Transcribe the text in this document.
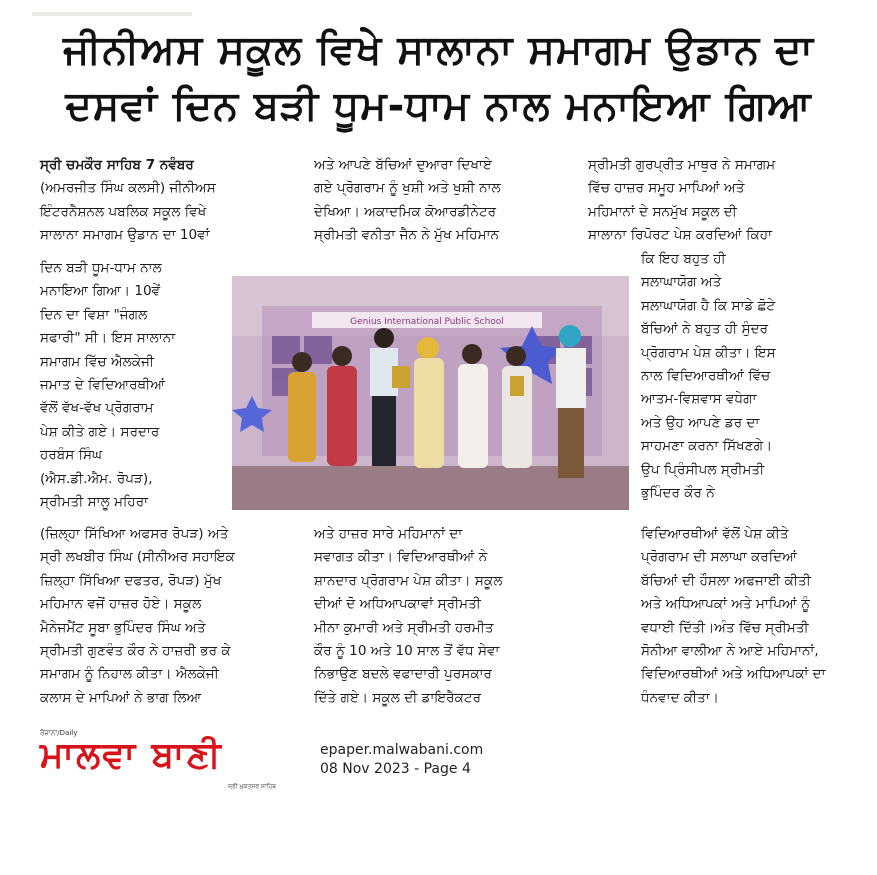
ਜੀਨੀਅਸ ਸਕੂਲ ਵਿਖੇ ਸਾਲਾਨਾ ਸਮਾਗਮ ਉਡਾਨ ਦਾ
ਦਸਵਾਂ ਦਿਨ ਬੜੀ ਧੂਮ-ਧਾਮ ਨਾਲ ਮਨਾਇਆ ਗਿਆ

ਸ੍ਰੀ ਚਮਕੌਰ ਸਾਹਿਬ 7 ਨਵੰਬਰ

(ਅਮਰਜੀਤ ਸਿੰਘ ਕਲਸੀ) ਜੀਨੀਅਸ

ਇੰਟਰਨੈਸ਼ਨਲ ਪਬਲਿਕ ਸਕੂਲ ਵਿਖੇ

ਸਾਲਾਨਾ ਸਮਾਗਮ ਉਡਾਨ ਦਾ 10ਵਾਂ

ਦਿਨ ਬੜੀ ਧੂਮ-ਧਾਮ ਨਾਲ

ਮਨਾਇਆ ਗਿਆ। 10ਵੇਂ

ਦਿਨ ਦਾ ਵਿਸ਼ਾ "ਜੰਗਲ

ਸਫਾਰੀ" ਸੀ। ਇਸ ਸਾਲਾਨਾ

ਸਮਾਗਮ ਵਿੱਚ ਐਲਕੇਜੀ

ਜਮਾਤ ਦੇ ਵਿਦਿਆਰਥੀਆਂ

ਵੱਲੋਂ ਵੱਖ-ਵੱਖ ਪ੍ਰੋਗਰਾਮ

ਪੇਸ਼ ਕੀਤੇ ਗਏ। ਸਰਦਾਰ

ਹਰਬੰਸ ਸਿੰਘ

(ਐਸ.ਡੀ.ਐਮ. ਰੋਪੜ),

ਸ੍ਰੀਮਤੀ ਸਾਲੂ ਮਹਿਰਾ

(ਜ਼ਿਲ੍ਹਾ ਸਿੱਖਿਆ ਅਫਸਰ ਰੋਪੜ) ਅਤੇ

ਸ੍ਰੀ ਲਖਬੀਰ ਸਿੰਘ (ਸੀਨੀਅਰ ਸਹਾਇਕ

ਜ਼ਿਲ੍ਹਾ ਸਿੱਖਿਆ ਦਫਤਰ, ਰੋਪੜ) ਮੁੱਖ

ਮਹਿਮਾਨ ਵਜੋਂ ਹਾਜ਼ਰ ਹੋਏ। ਸਕੂਲ

ਮੈਨੇਜਮੈਂਟ ਸੂਬਾ ਭੁਪਿੰਦਰ ਸਿੰਘ ਅਤੇ

ਸ੍ਰੀਮਤੀ ਗੁਣਵੰਤ ਕੌਰ ਨੇ ਹਾਜ਼ਰੀ ਭਰ ਕੇ

ਸਮਾਗਮ ਨੂੰ ਨਿਹਾਲ ਕੀਤਾ। ਐਲਕੇਜੀ

ਕਲਾਸ ਦੇ ਮਾਪਿਆਂ ਨੇ ਭਾਗ ਲਿਆ

ਅਤੇ ਆਪਣੇ ਬੱਚਿਆਂ ਦੁਆਰਾ ਦਿਖਾਏ

ਗਏ ਪ੍ਰੋਗਰਾਮ ਨੂੰ ਖੁਸ਼ੀ ਅਤੇ ਖੁਸ਼ੀ ਨਾਲ

ਦੇਖਿਆ। ਅਕਾਦਮਿਕ ਕੋਆਰਡੀਨੇਟਰ

ਸ੍ਰੀਮਤੀ ਵਨੀਤਾ ਜੈਨ ਨੇ ਮੁੱਖ ਮਹਿਮਾਨ

ਅਤੇ ਹਾਜ਼ਰ ਸਾਰੇ ਮਹਿਮਾਨਾਂ ਦਾ

ਸਵਾਗਤ ਕੀਤਾ। ਵਿਦਿਆਰਥੀਆਂ ਨੇ

ਸ਼ਾਨਦਾਰ ਪ੍ਰੋਗਰਾਮ ਪੇਸ਼ ਕੀਤਾ। ਸਕੂਲ

ਦੀਆਂ ਦੋ ਅਧਿਆਪਕਾਵਾਂ ਸ੍ਰੀਮਤੀ

ਮੀਨਾ ਕੁਮਾਰੀ ਅਤੇ ਸ੍ਰੀਮਤੀ ਹਰਮੀਤ

ਕੌਰ ਨੂੰ 10 ਅਤੇ 10 ਸਾਲ ਤੋਂ ਵੱਧ ਸੇਵਾ

ਨਿਭਾਉਣ ਬਦਲੇ ਵਫਾਦਾਰੀ ਪੁਰਸਕਾਰ

ਦਿੱਤੇ ਗਏ। ਸਕੂਲ ਦੀ ਡਾਇਰੈਕਟਰ

ਸ੍ਰੀਮਤੀ ਗੁਰਪ੍ਰੀਤ ਮਾਥੁਰ ਨੇ ਸਮਾਗਮ

ਵਿੱਚ ਹਾਜ਼ਰ ਸਮੂਹ ਮਾਪਿਆਂ ਅਤੇ

ਮਹਿਮਾਨਾਂ ਦੇ ਸਨਮੁੱਖ ਸਕੂਲ ਦੀ

ਸਾਲਾਨਾ ਰਿਪੋਰਟ ਪੇਸ਼ ਕਰਦਿਆਂ ਕਿਹਾ

ਕਿ ਇਹ ਬਹੁਤ ਹੀ

ਸਲਾਘਾਯੋਗ ਅਤੇ

ਸਲਾਘਾਯੋਗ ਹੈ ਕਿ ਸਾਡੇ ਛੋਟੇ

ਬੱਚਿਆਂ ਨੇ ਬਹੁਤ ਹੀ ਸੁੰਦਰ

ਪ੍ਰੋਗਰਾਮ ਪੇਸ਼ ਕੀਤਾ। ਇਸ

ਨਾਲ ਵਿਦਿਆਰਥੀਆਂ ਵਿੱਚ

ਆਤਮ-ਵਿਸ਼ਵਾਸ ਵਧੇਗਾ

ਅਤੇ ਉਹ ਆਪਣੇ ਡਰ ਦਾ

ਸਾਹਮਣਾ ਕਰਨਾ ਸਿੱਖਣਗੇ।

ਉਪ ਪ੍ਰਿੰਸੀਪਲ ਸ੍ਰੀਮਤੀ

ਭੁਪਿੰਦਰ ਕੌਰ ਨੇ

ਵਿਦਿਆਰਥੀਆਂ ਵੱਲੋਂ ਪੇਸ਼ ਕੀਤੇ

ਪ੍ਰੋਗਰਾਮ ਦੀ ਸਲਾਘਾ ਕਰਦਿਆਂ

ਬੱਚਿਆਂ ਦੀ ਹੌਸਲਾ ਅਫਜਾਈ ਕੀਤੀ

ਅਤੇ ਅਧਿਆਪਕਾਂ ਅਤੇ ਮਾਪਿਆਂ ਨੂੰ

ਵਧਾਈ ਦਿੱਤੀ।ਅੰਤ ਵਿੱਚ ਸ੍ਰੀਮਤੀ

ਸੋਨੀਆ ਵਾਲੀਆ ਨੇ ਆਏ ਮਹਿਮਾਨਾਂ,

ਵਿਦਿਆਰਥੀਆਂ ਅਤੇ ਅਧਿਆਪਕਾਂ ਦਾ

ਧੰਨਵਾਦ ਕੀਤਾ।

Genius International Public School
ਰੋਜ਼ਾਨਾ/Daily
ਮਾਲਵਾ ਬਾਣੀ
ਸ੍ਰੀ ਮੁਕਤਸਰ ਸਾਹਿਬ
epaper.malwabani.com
08 Nov 2023 - Page 4
